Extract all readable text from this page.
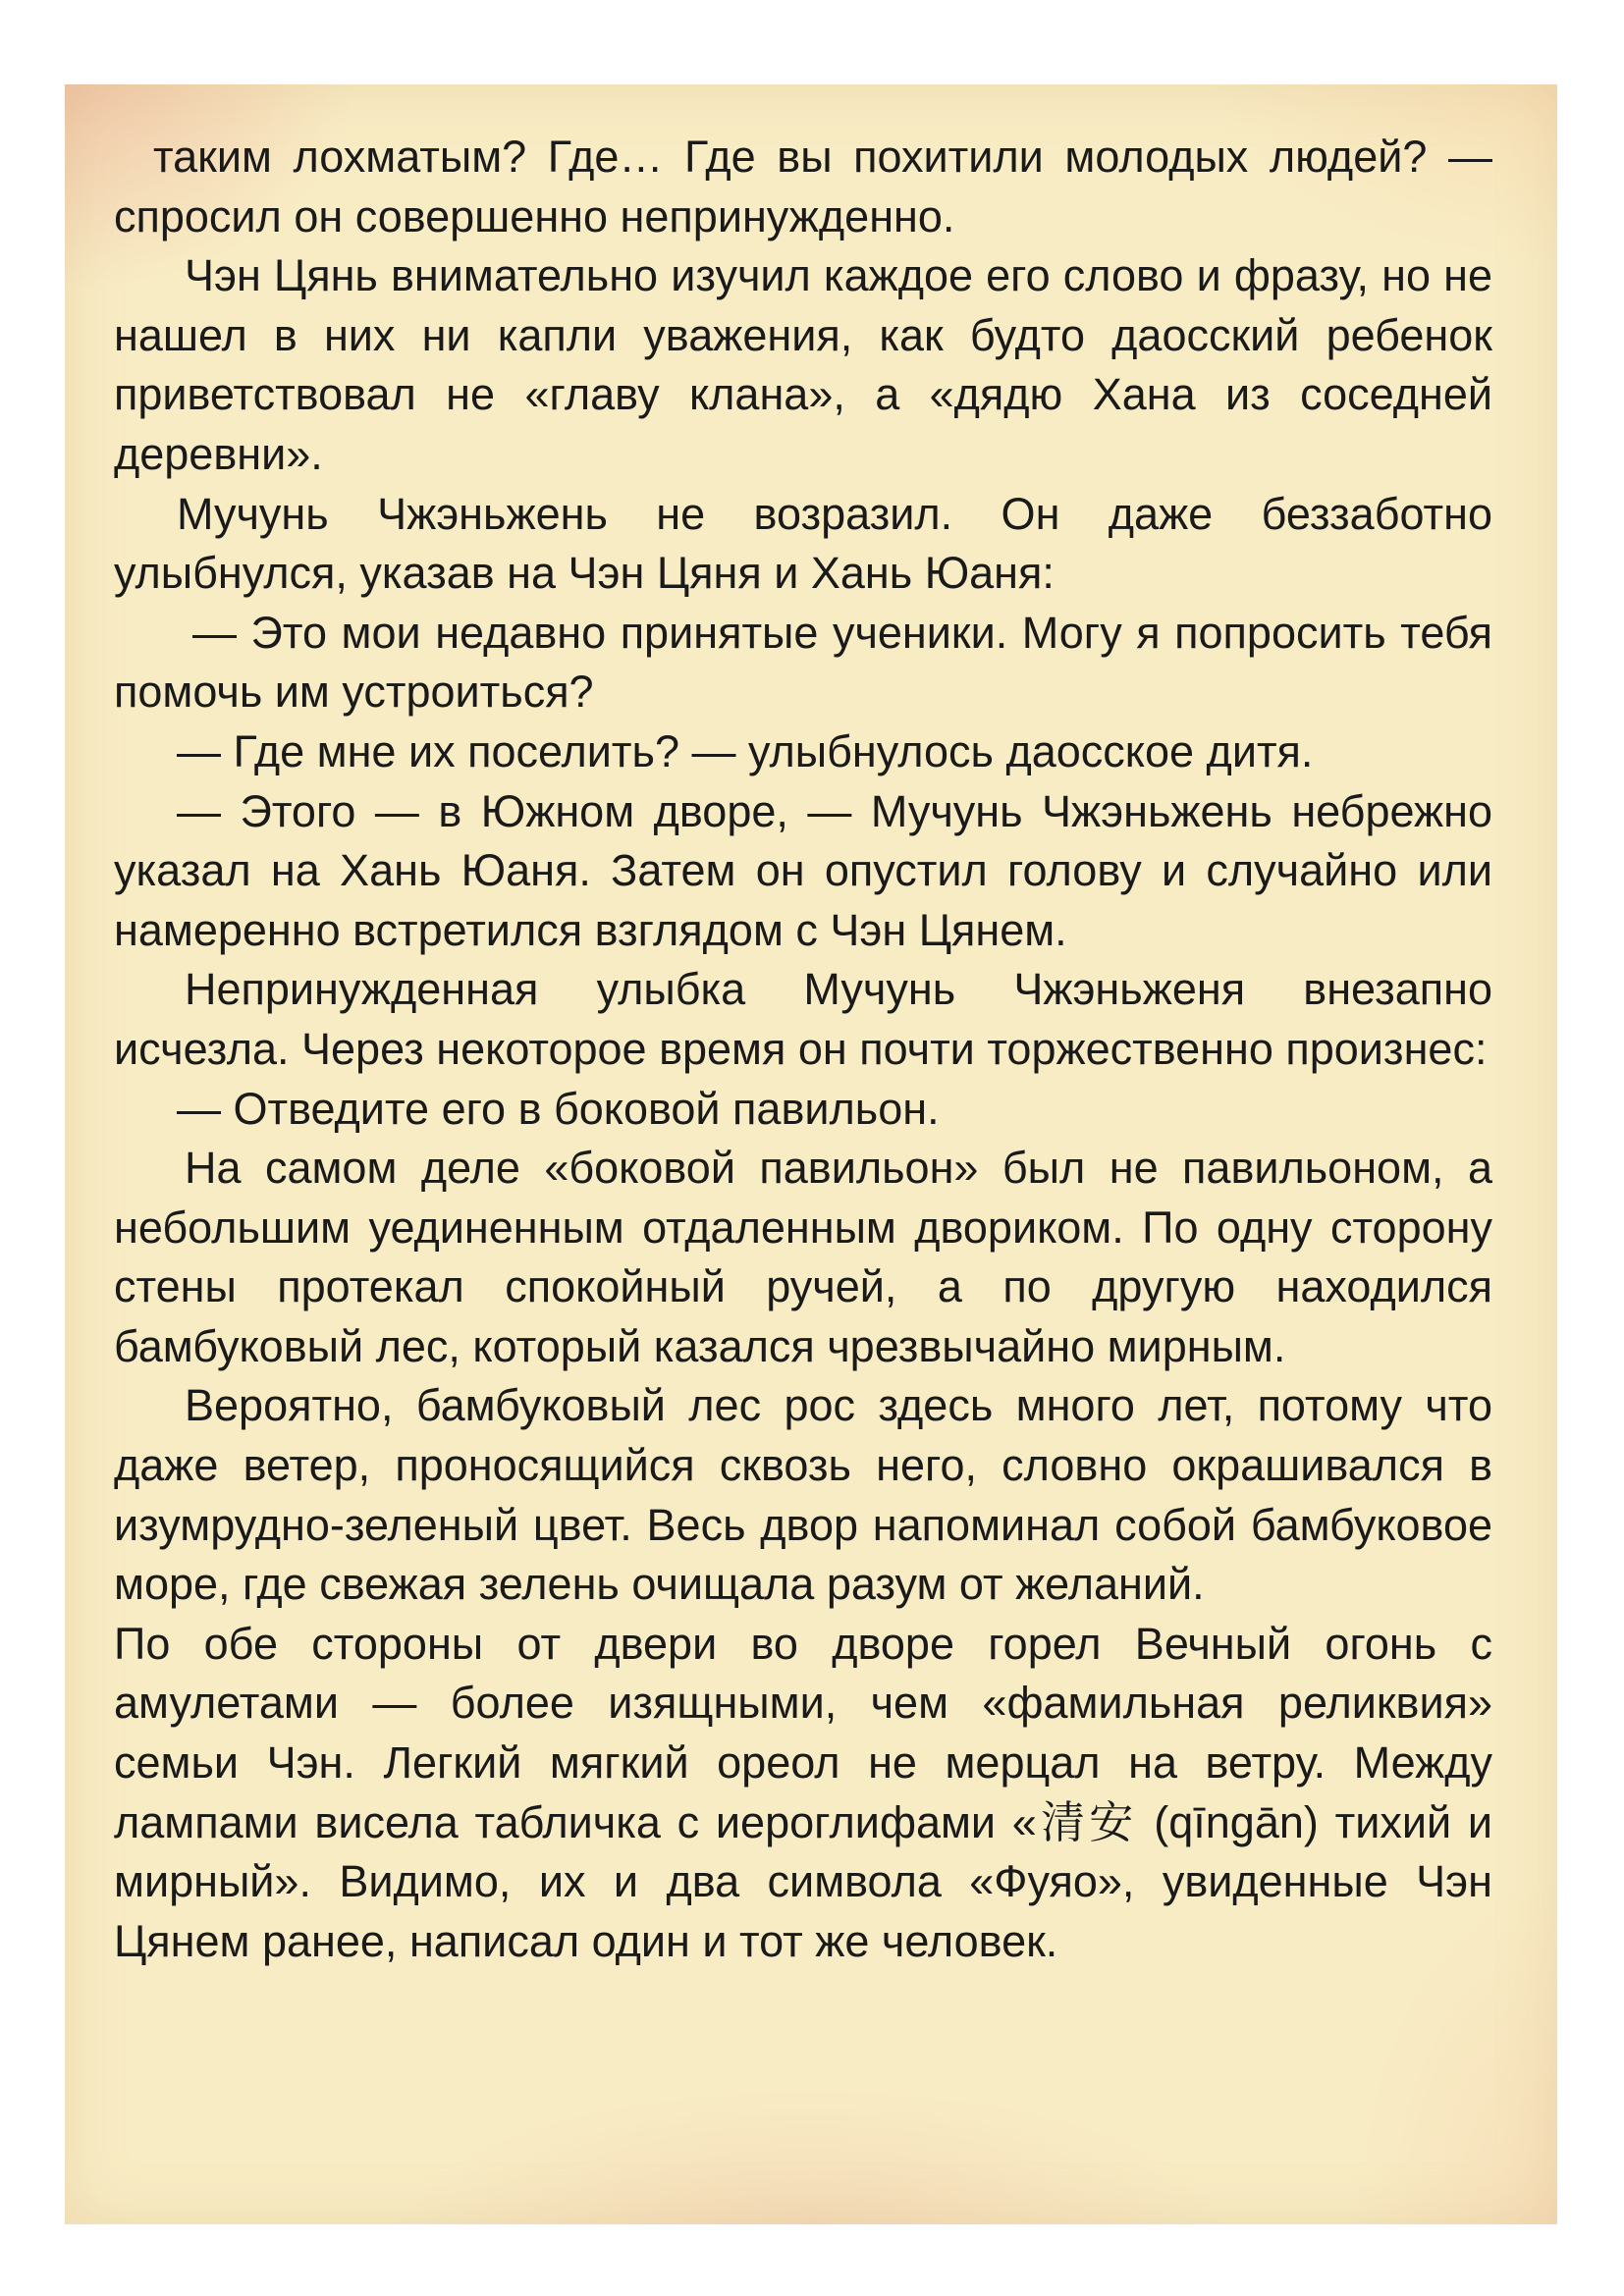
таким лохматым? Где… Где вы похитили молодых людей? — спросил он совершенно непринужденно.

Чэн Цянь внимательно изучил каждое его слово и фразу, но не нашел в них ни капли уважения, как будто даосский ребенок приветствовал не «главу клана», а «дядю Хана из соседней деревни».

Мучунь Чжэньжень не возразил. Он даже беззаботно улыбнулся, указав на Чэн Цяня и Хань Юаня:

— Это мои недавно принятые ученики. Могу я попросить тебя помочь им устроиться?

— Где мне их поселить? — улыбнулось даосское дитя.

— Этого — в Южном дворе, — Мучунь Чжэньжень небрежно указал на Хань Юаня. Затем он опустил голову и случайно или намеренно встретился взглядом с Чэн Цянем.

Непринужденная улыбка Мучунь Чжэньженя внезапно исчезла. Через некоторое время он почти торжественно произнес:

— Отведите его в боковой павильон.

На самом деле «боковой павильон» был не павильоном, а небольшим уединенным отдаленным двориком. По одну сторону стены протекал спокойный ручей, а по другую находился бамбуковый лес, который казался чрезвычайно мирным.

Вероятно, бамбуковый лес рос здесь много лет, потому что даже ветер, проносящийся сквозь него, словно окрашивался в изумрудно-зеленый цвет. Весь двор напоминал собой бамбуковое море, где свежая зелень очищала разум от желаний.

По обе стороны от двери во дворе горел Вечный огонь с амулетами — более изящными, чем «фамильная реликвия» семьи Чэн. Легкий мягкий ореол не мерцал на ветру. Между лампами висела табличка с иероглифами «清安 (qīngān) тихий и мирный». Видимо, их и два символа «Фуяо», увиденные Чэн Цянем ранее, написал один и тот же человек.
